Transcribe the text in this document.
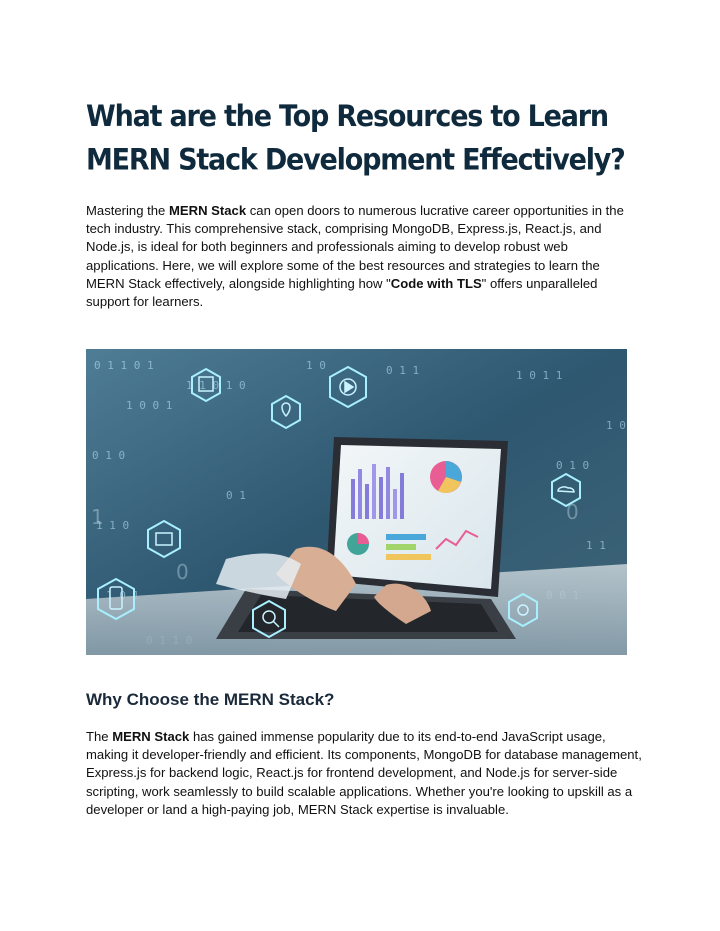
What are the Top Resources to Learn MERN Stack Development Effectively?

Mastering the MERN Stack can open doors to numerous lucrative career opportunities in the tech industry. This comprehensive stack, comprising MongoDB, Express.js, React.js, and Node.js, is ideal for both beginners and professionals aiming to develop robust web applications. Here, we will explore some of the best resources and strategies to learn the MERN Stack effectively, alongside highlighting how "Code with TLS" offers unparalleled support for learners.

0 1 1 0 1
1 0 0 1
0 1 0
1 1 0 1 0
0 1 1	1 0 1 1
0 1 0
1 1
1 0 1
1 0
0 1
1 1 0
1 0
1
0
0
Why Choose the MERN Stack?

The MERN Stack has gained immense popularity due to its end-to-end JavaScript usage, making it developer-friendly and efficient. Its components, MongoDB for database management, Express.js for backend logic, React.js for frontend development, and Node.js for server-side scripting, work seamlessly to build scalable applications. Whether you're looking to upskill as a developer or land a high-paying job, MERN Stack expertise is invaluable.
